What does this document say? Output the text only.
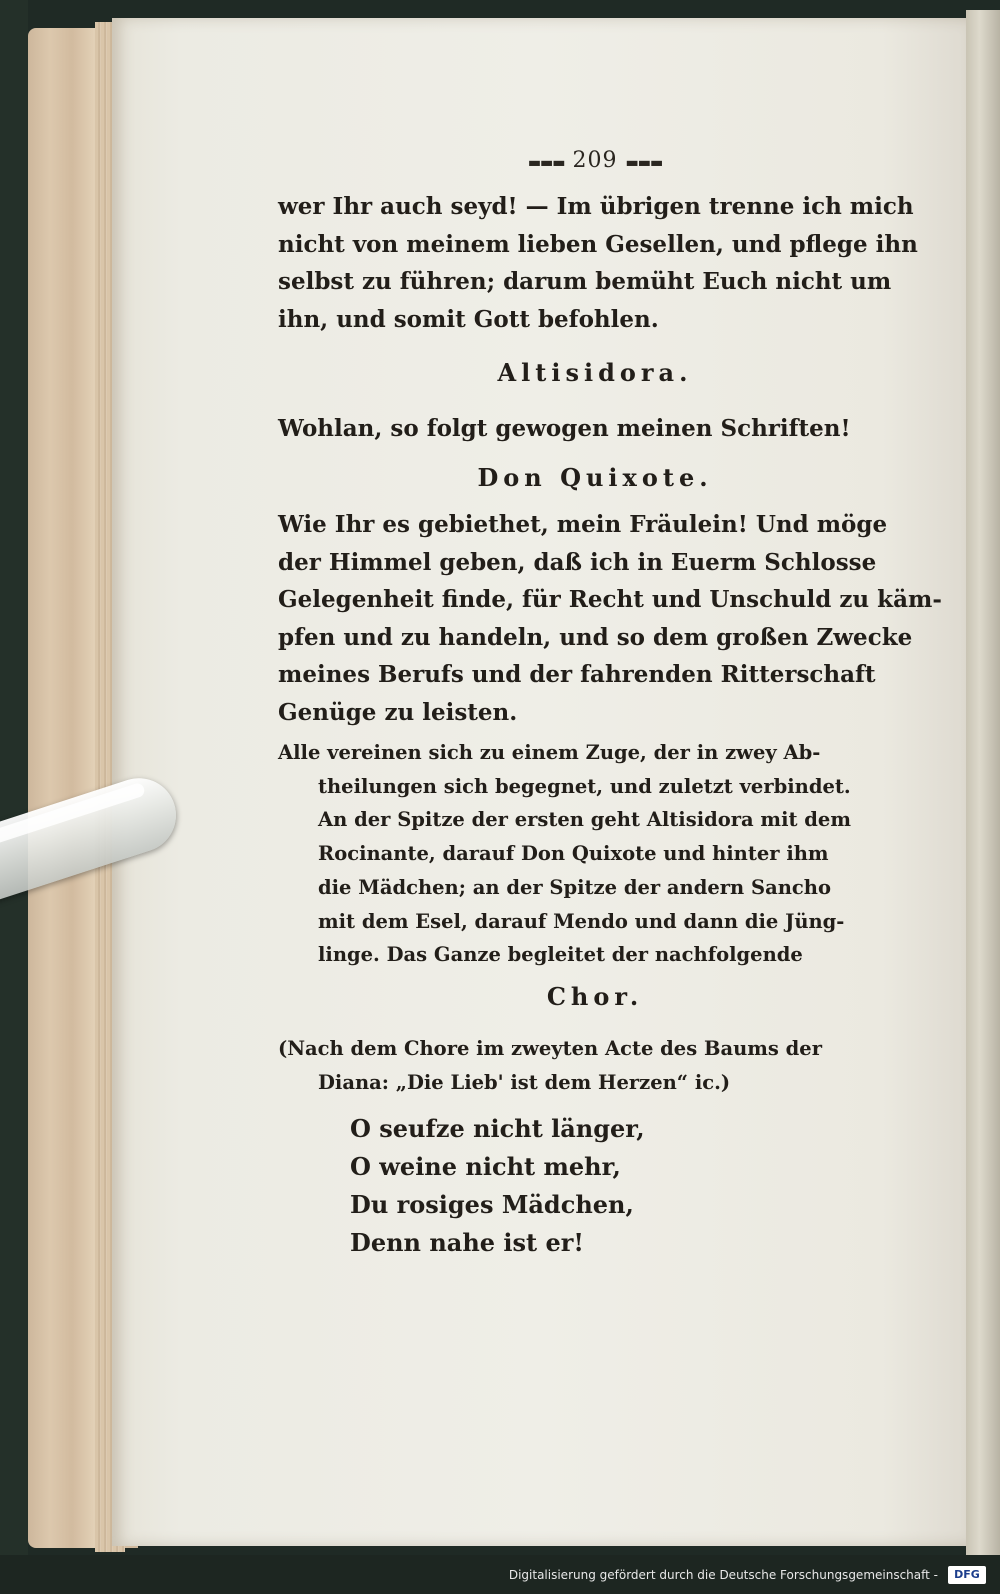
▬▬▬ 209 ▬▬▬
wer Ihr auch seyd! — Im übrigen trenne ich mich
nicht von meinem lieben Gesellen, und pflege ihn
selbst zu führen; darum bemüht Euch nicht um
ihn, und somit Gott befohlen.
Altisidora.
Wohlan, so folgt gewogen meinen Schriften!
Don Quixote.
Wie Ihr es gebiethet, mein Fräulein! Und möge
der Himmel geben, daß ich in Euerm Schlosse
Gelegenheit finde, für Recht und Unschuld zu käm-
pfen und zu handeln, und so dem großen Zwecke
meines Berufs und der fahrenden Ritterschaft
Genüge zu leisten.
Alle vereinen sich zu einem Zuge, der in zwey Ab-
theilungen sich begegnet, und zuletzt verbindet.
An der Spitze der ersten geht Altisidora mit dem
Rocinante, darauf Don Quixote und hinter ihm
die Mädchen; an der Spitze der andern Sancho
mit dem Esel, darauf Mendo und dann die Jüng-
linge. Das Ganze begleitet der nachfolgende
Chor.
(Nach dem Chore im zweyten Acte des Baums der
Diana: „Die Lieb' ist dem Herzen“ ic.)
O seufze nicht länger,
O weine nicht mehr,
Du rosiges Mädchen,
Denn nahe ist er!
Digitalisierung gefördert durch die Deutsche Forschungsgemeinschaft -	DFG
